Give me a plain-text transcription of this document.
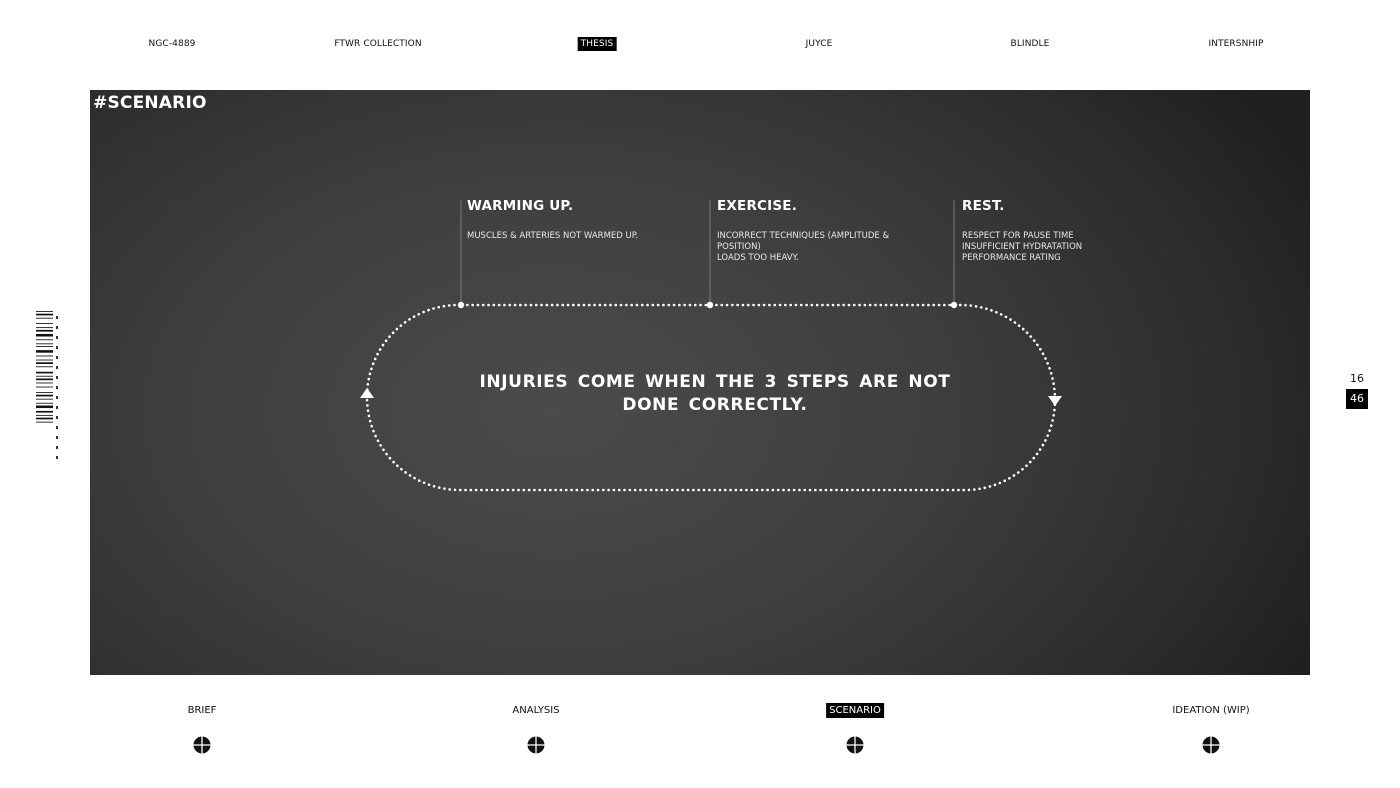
NGC-4889	FTWR COLLECTION	THESIS	JUYCE	BLINDLE	INTERSNHIP
#SCENARIO
WARMING UP.
MUSCLES & ARTERIES NOT WARMED UP.
EXERCISE.
INCORRECT TECHNIQUES (AMPLITUDE &
POSITION)
LOADS TOO HEAVY.
REST.
RESPECT FOR PAUSE TIME
INSUFFICIENT HYDRATATION
PERFORMANCE RATING
INJURIES COME WHEN THE 3 STEPS ARE NOT DONE CORRECTLY.
16
46
BRIEF	ANALYSIS	SCENARIO	IDEATION (WIP)
